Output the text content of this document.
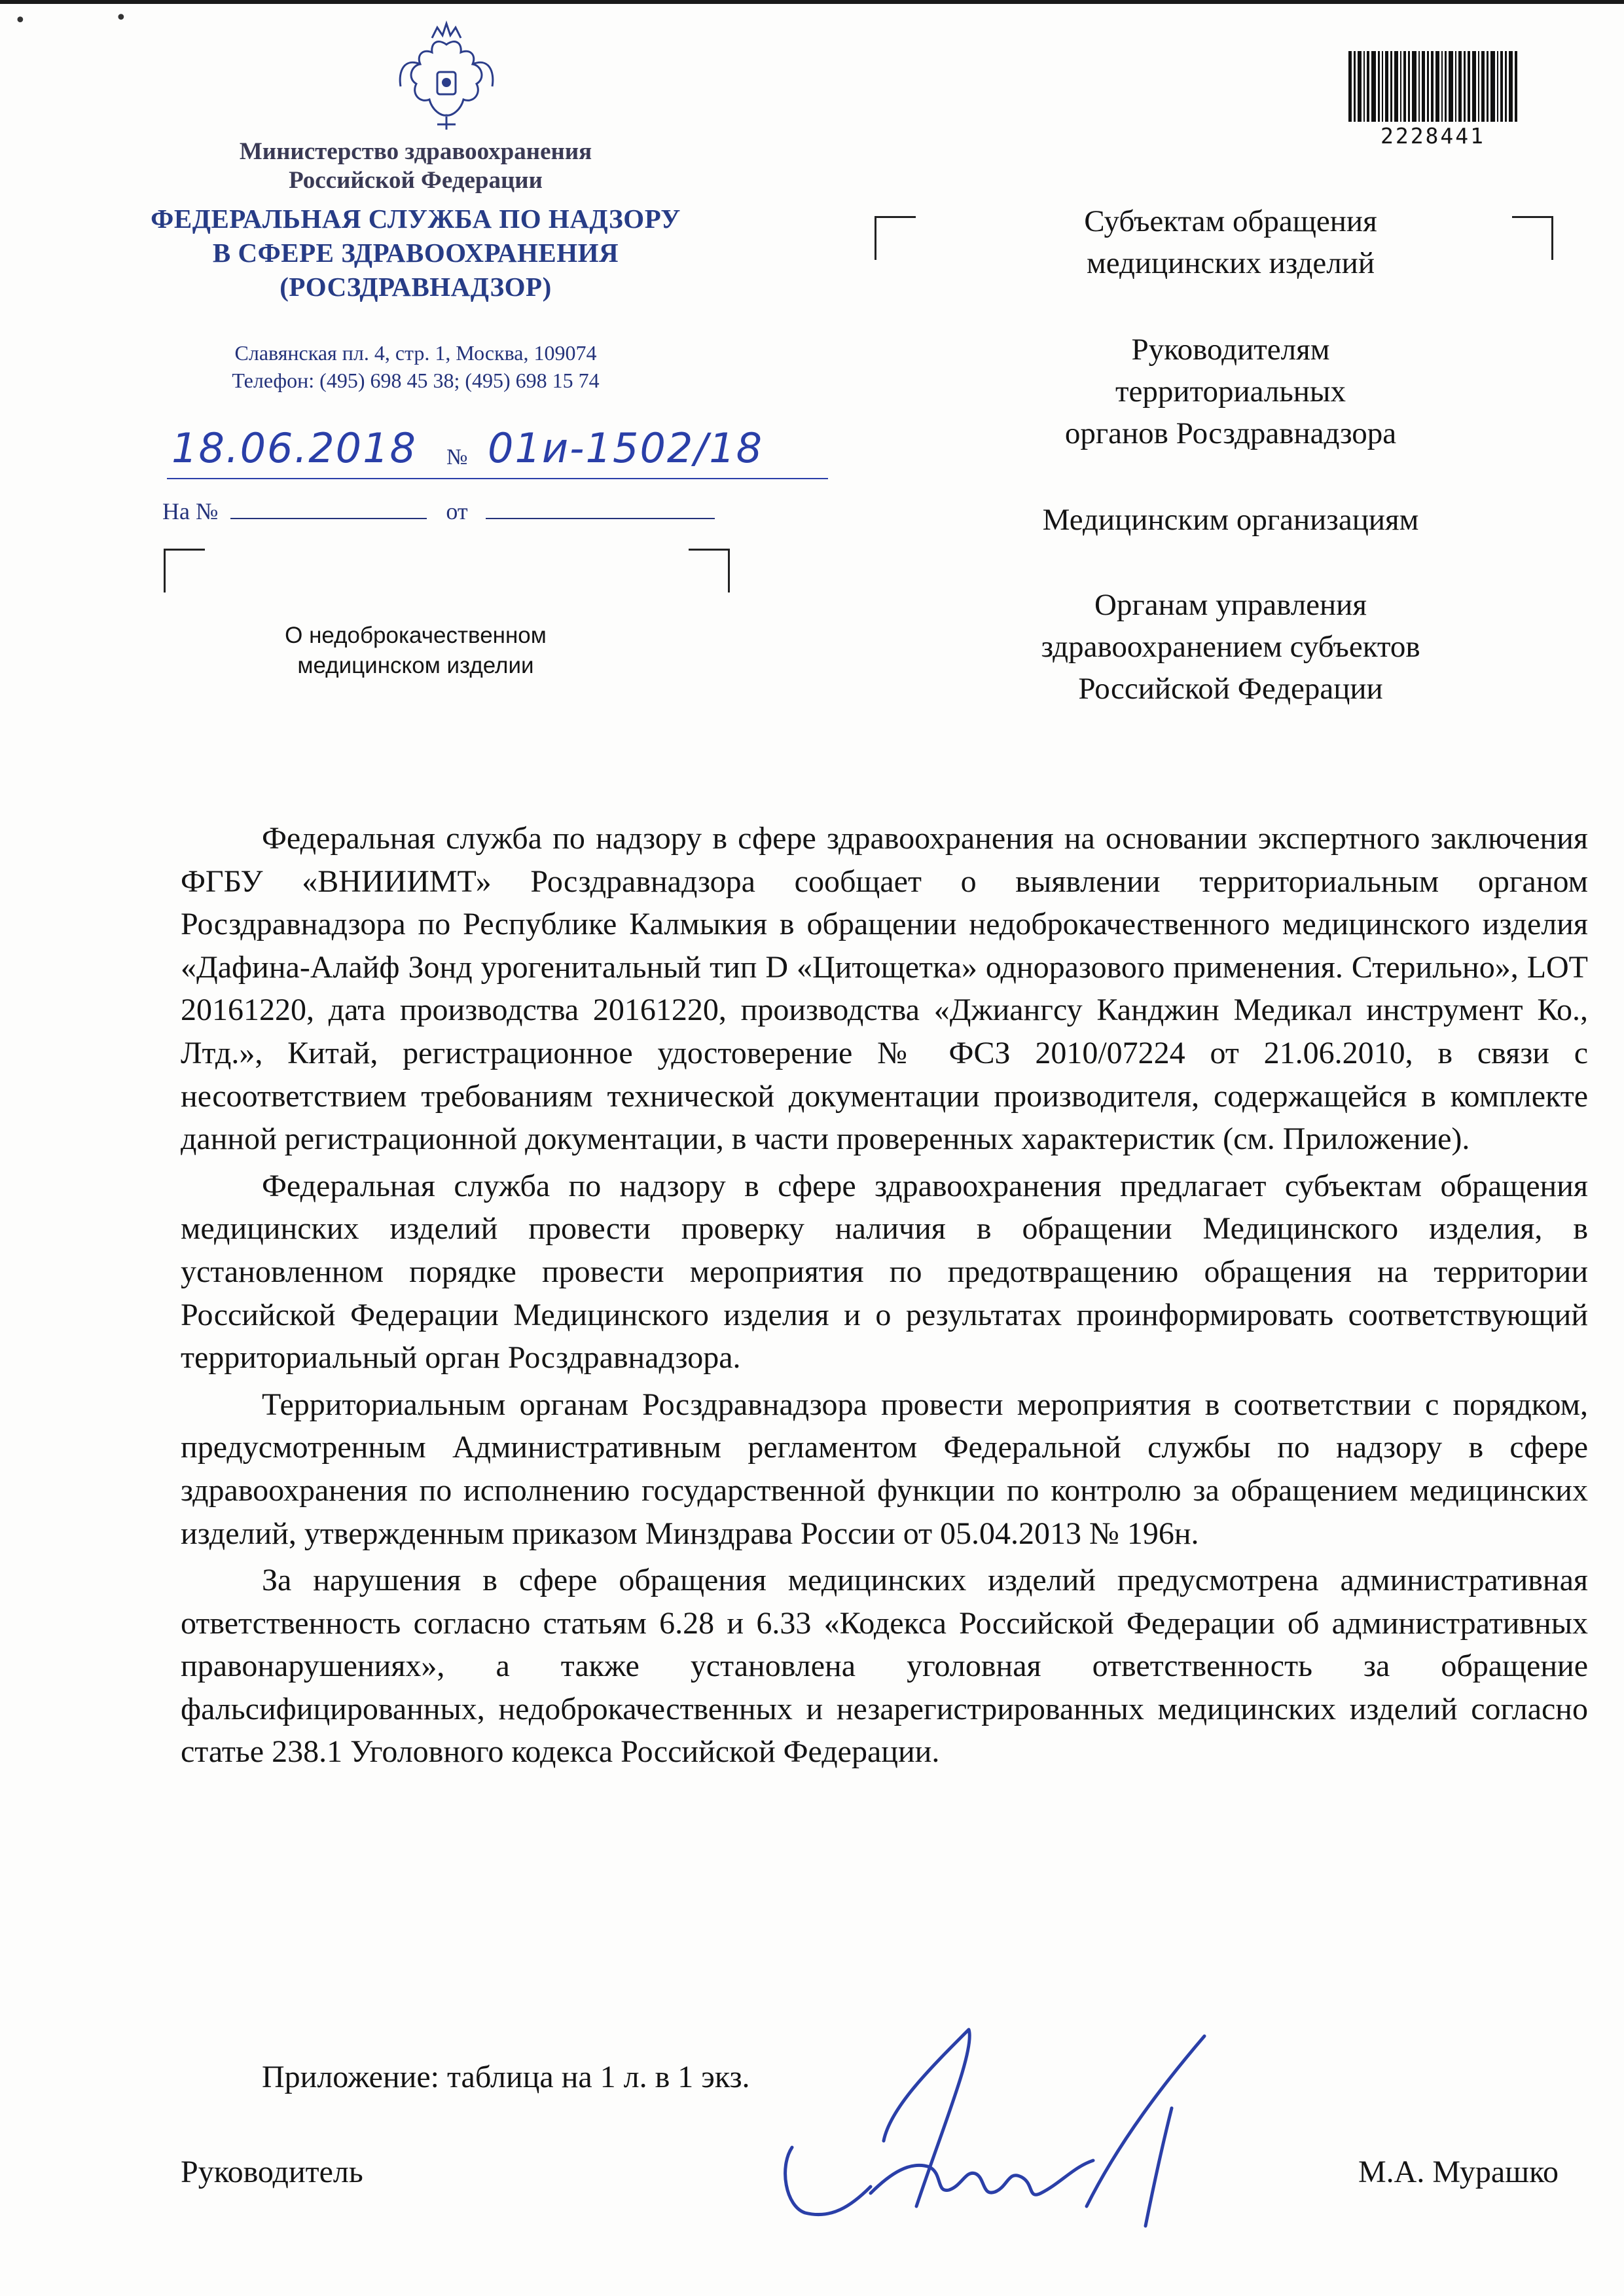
•	•
Министерство здравоохранения
Российской Федерации
ФЕДЕРАЛЬНАЯ СЛУЖБА ПО НАДЗОРУ
В СФЕРЕ ЗДРАВООХРАНЕНИЯ
(РОСЗДРАВНАДЗОР)
Славянская пл. 4, стр. 1, Москва, 109074
Телефон: (495) 698 45 38; (495) 698 15 74
18.06.2018 № 01и-1502/18
На №	от
О недоброкачественном
медицинском изделии
2228441
Субъектам обращения
медицинских изделий
Руководителям
территориальных
органов Росздравнадзора
Медицинским организациям
Органам управления
здравоохранением субъектов
Российской Федерации

Федеральная служба по надзору в сфере здравоохранения на основании экспертного заключения ФГБУ «ВНИИИМТ» Росздравнадзора сообщает о выявлении территориальным органом Росздравнадзора по Республике Калмыкия в обращении недоброкачественного медицинского изделия «Дафина-Алайф Зонд урогенитальный тип D «Цитощетка» одноразового применения. Стерильно», LOT 20161220, дата производства 20161220, производства «Джиангсу Канджин Медикал инструмент Ко., Лтд.», Китай, регистрационное удостоверение № ФСЗ 2010/07224 от 21.06.2010, в связи с несоответствием требованиям технической документации производителя, содержащейся в комплекте данной регистрационной документации, в части проверенных характеристик (см. Приложение).

Федеральная служба по надзору в сфере здравоохранения предлагает субъектам обращения медицинских изделий провести проверку наличия в обращении Медицинского изделия, в установленном порядке провести мероприятия по предотвращению обращения на территории Российской Федерации Медицинского изделия и о результатах проинформировать соответствующий территориальный орган Росздравнадзора.

Территориальным органам Росздравнадзора провести мероприятия в соответствии с порядком, предусмотренным Административным регламентом Федеральной службы по надзору в сфере здравоохранения по исполнению государственной функции по контролю за обращением медицинских изделий, утвержденным приказом Минздрава России от 05.04.2013 № 196н.

За нарушения в сфере обращения медицинских изделий предусмотрена административная ответственность согласно статьям 6.28 и 6.33 «Кодекса Российской Федерации об административных правонарушениях», а также установлена уголовная ответственность за обращение фальсифицированных, недоброкачественных и незарегистрированных медицинских изделий согласно статье 238.1 Уголовного кодекса Российской Федерации.

Приложение: таблица на 1 л. в 1 экз.
Руководитель	М.А. Мурашко
